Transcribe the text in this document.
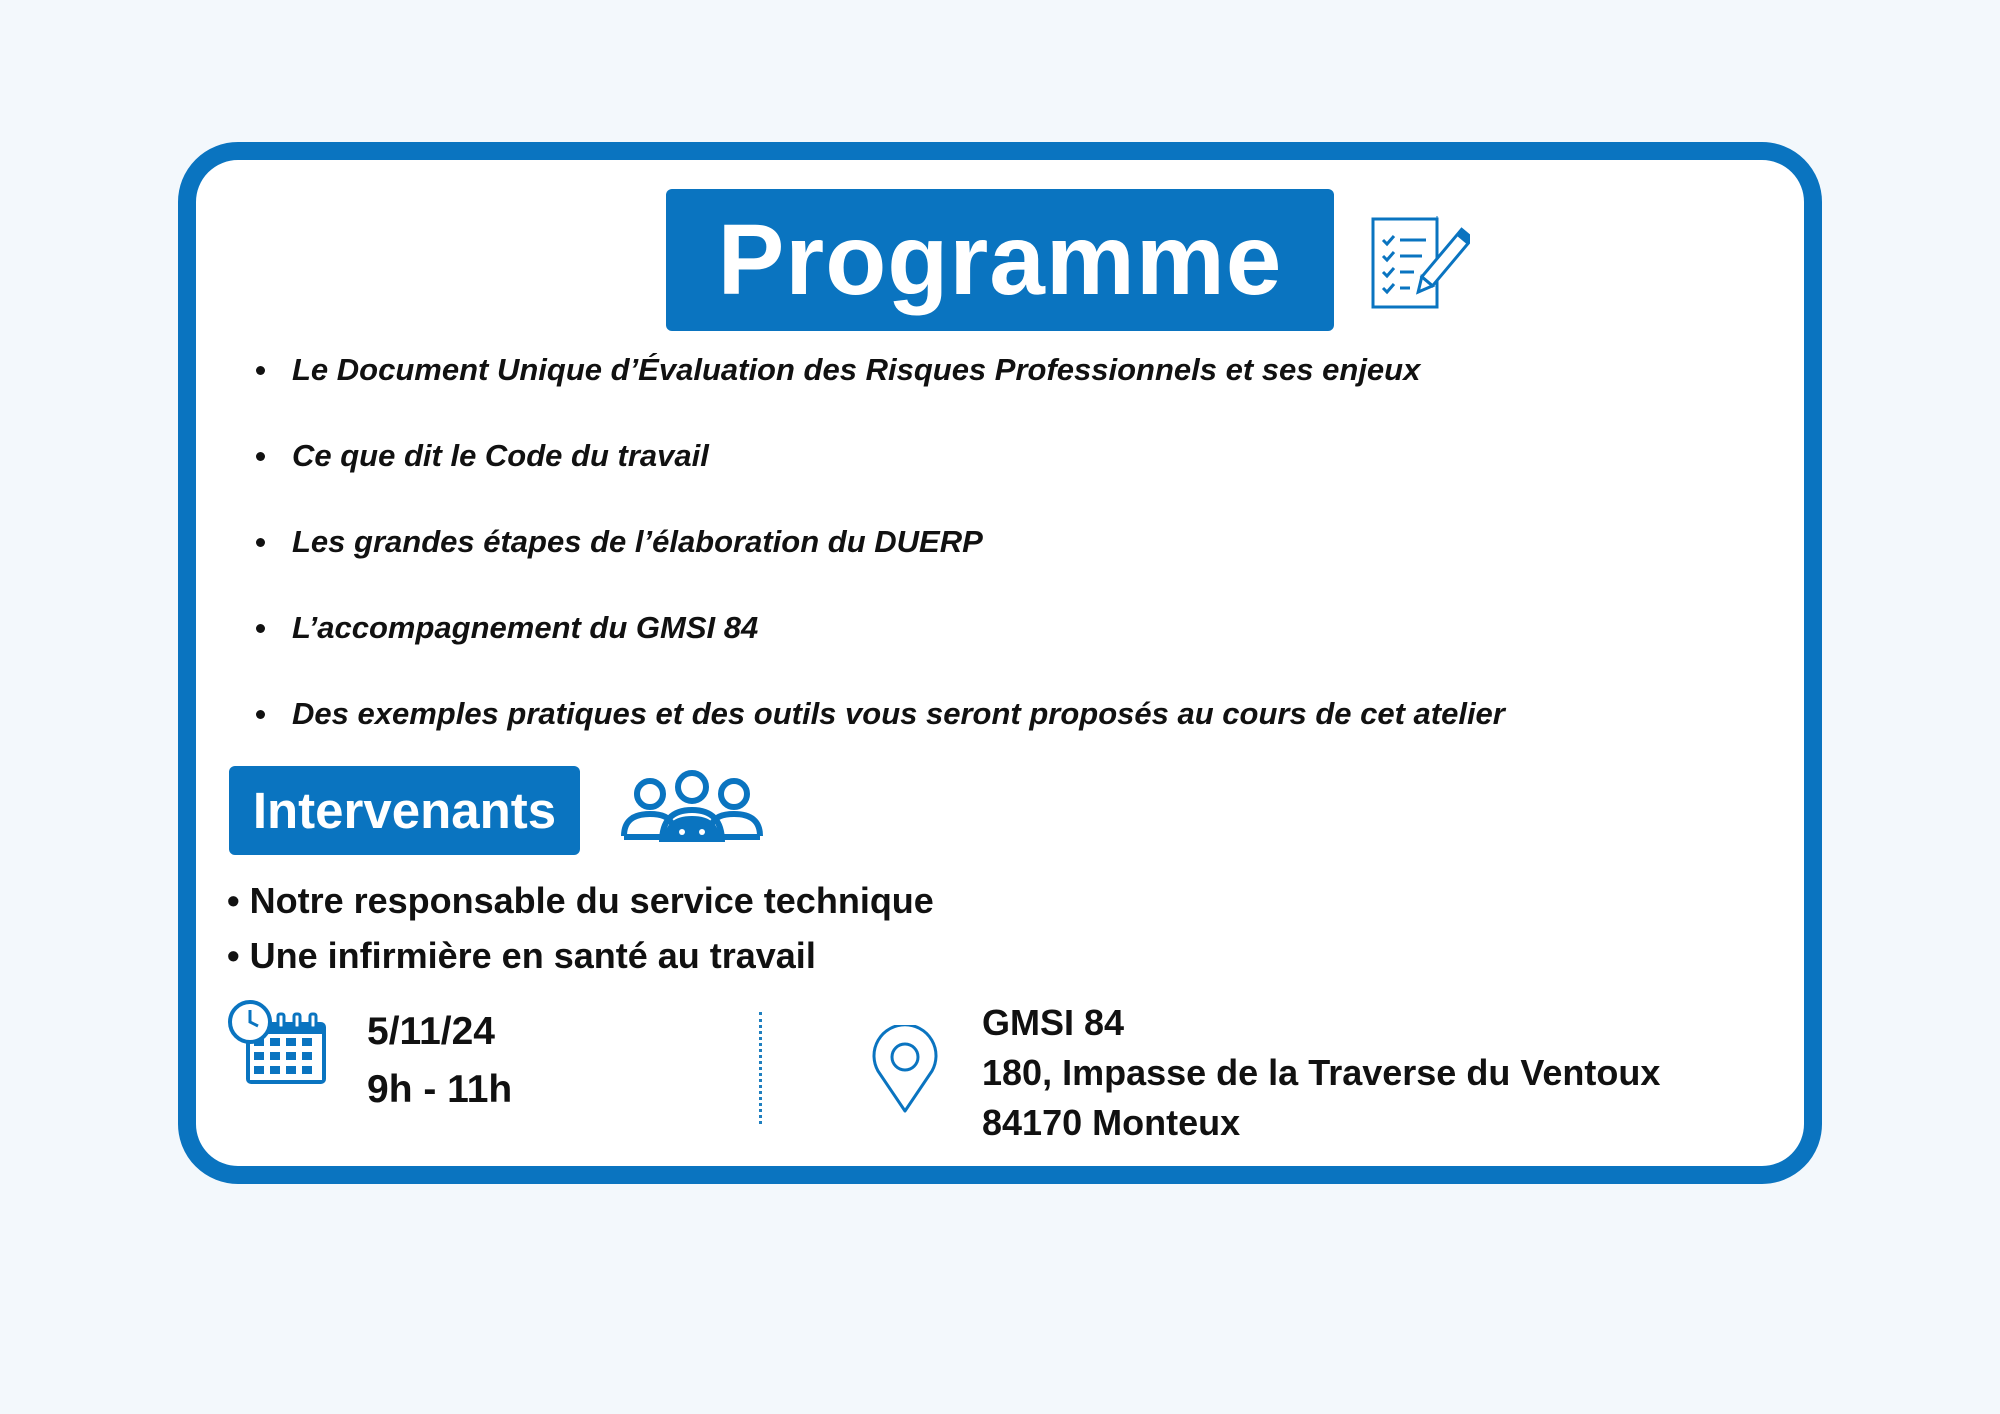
Programme
Le Document Unique d’Évaluation des Risques Professionnels et ses enjeux
Ce que dit le Code du travail
Les grandes étapes de l’élaboration du DUERP
L’accompagnement du GMSI 84
Des exemples pratiques et des outils vous seront proposés au cours de cet atelier
Intervenants
• Notre responsable du service technique
• Une infirmière en santé au travail
5/11/24
9h - 11h
GMSI 84
180, Impasse de la Traverse du Ventoux
84170 Monteux
